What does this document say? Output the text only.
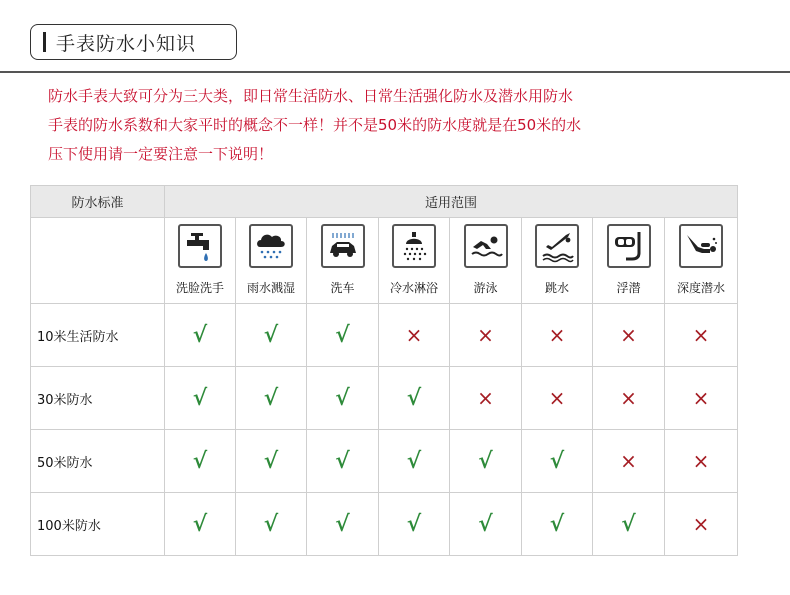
手表防水小知识

防水手表大致可分为三大类，即日常生活防水、日常生活强化防水及潜水用防水

手表的防水系数和大家平时的概念不一样！并不是50米的防水度就是在50米的水

压下使用请一定要注意一下说明！

防水标准	适用范围							

	洗脸洗手	雨水溅湿	洗车	冷水淋浴	游泳	跳水	浮潜	深度潜水

10米生活防水	√	√	√	×	×	×	×	×
30米防水	√	√	√	√	×	×	×	×
50米防水	√	√	√	√	√	√	×	×
100米防水	√	√	√	√	√	√	√	×
